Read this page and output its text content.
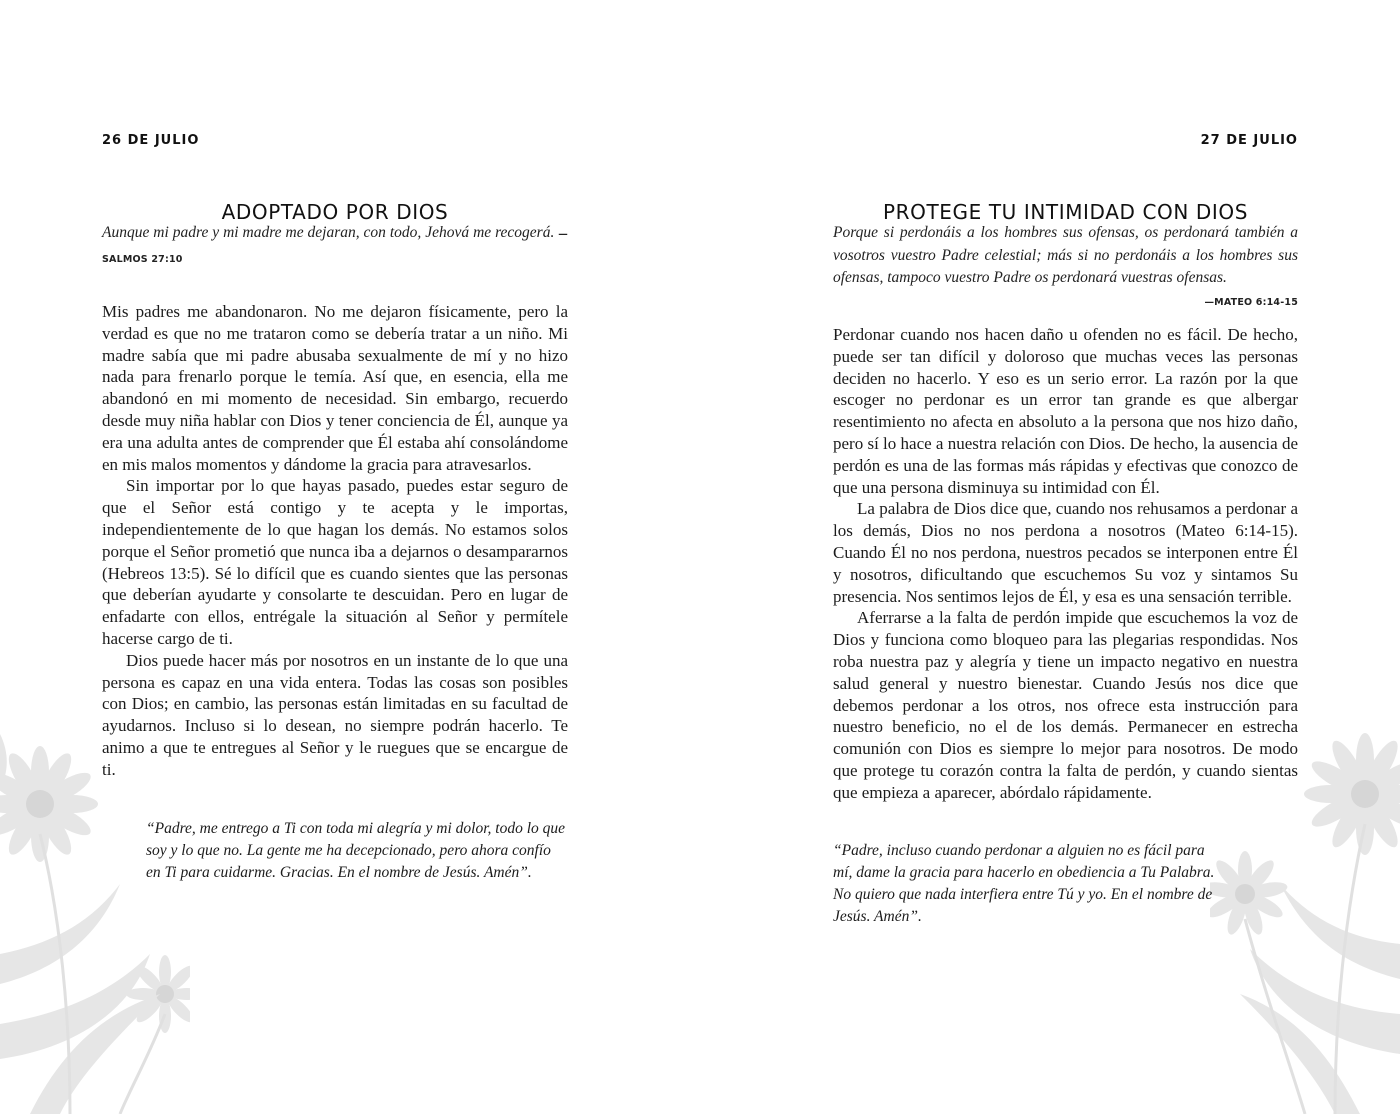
26 DE JULIO
ADOPTADO POR DIOS
Aunque mi padre y mi madre me dejaran, con todo, Jehová me recogerá. —SALMOS 27:10

Mis padres me abandonaron. No me dejaron físicamente, pero la verdad es que no me trataron como se debería tratar a un niño. Mi madre sabía que mi padre abusaba sexualmente de mí y no hizo nada para frenarlo porque le temía. Así que, en esencia, ella me abandonó en mi momento de necesidad. Sin embargo, recuerdo desde muy niña hablar con Dios y tener conciencia de Él, aunque ya era una adulta antes de comprender que Él estaba ahí consolándome en mis malos momentos y dándome la gracia para atravesarlos.

Sin importar por lo que hayas pasado, puedes estar seguro de que el Señor está contigo y te acepta y le importas, independientemente de lo que hagan los demás. No estamos solos porque el Señor prometió que nunca iba a dejarnos o desampararnos (Hebreos 13:5). Sé lo difícil que es cuando sientes que las personas que deberían ayudarte y consolarte te descuidan. Pero en lugar de enfadarte con ellos, entrégale la situación al Señor y permítele hacerse cargo de ti.

Dios puede hacer más por nosotros en un instante de lo que una persona es capaz en una vida entera. Todas las cosas son posibles con Dios; en cambio, las personas están limitadas en su facultad de ayudarnos. Incluso si lo desean, no siempre podrán hacerlo. Te animo a que te entregues al Señor y le ruegues que se encargue de ti.

“Padre, me entrego a Ti con toda mi alegría y mi dolor, todo lo que soy y lo que no. La gente me ha decepcionado, pero ahora confío en Ti para cuidarme. Gracias. En el nombre de Jesús. Amén”.
27 DE JULIO
PROTEGE TU INTIMIDAD CON DIOS
Porque si perdonáis a los hombres sus ofensas, os perdonará también a vosotros vuestro Padre celestial; más si no perdonáis a los hombres sus ofensas, tampoco vuestro Padre os perdonará vuestras ofensas.
—MATEO 6:14-15

Perdonar cuando nos hacen daño u ofenden no es fácil. De hecho, puede ser tan difícil y doloroso que muchas veces las personas deciden no hacerlo. Y eso es un serio error. La razón por la que escoger no perdonar es un error tan grande es que albergar resentimiento no afecta en absoluto a la persona que nos hizo daño, pero sí lo hace a nuestra relación con Dios. De hecho, la ausencia de perdón es una de las formas más rápidas y efectivas que conozco de que una persona disminuya su intimidad con Él.

La palabra de Dios dice que, cuando nos rehusamos a perdonar a los demás, Dios no nos perdona a nosotros (Mateo 6:14-15). Cuando Él no nos perdona, nuestros pecados se interponen entre Él y nosotros, dificultando que escuchemos Su voz y sintamos Su presencia. Nos sentimos lejos de Él, y esa es una sensación terrible.

Aferrarse a la falta de perdón impide que escuchemos la voz de Dios y funciona como bloqueo para las plegarias respondidas. Nos roba nuestra paz y alegría y tiene un impacto negativo en nuestra salud general y nuestro bienestar. Cuando Jesús nos dice que debemos perdonar a los otros, nos ofrece esta instrucción para nuestro beneficio, no el de los demás. Permanecer en estrecha comunión con Dios es siempre lo mejor para nosotros. De modo que protege tu corazón contra la falta de perdón, y cuando sientas que empieza a aparecer, abórdalo rápidamente.

“Padre, incluso cuando perdonar a alguien no es fácil para mí, dame la gracia para hacerlo en obediencia a Tu Palabra. No quiero que nada interfiera entre Tú y yo. En el nombre de Jesús. Amén”.
